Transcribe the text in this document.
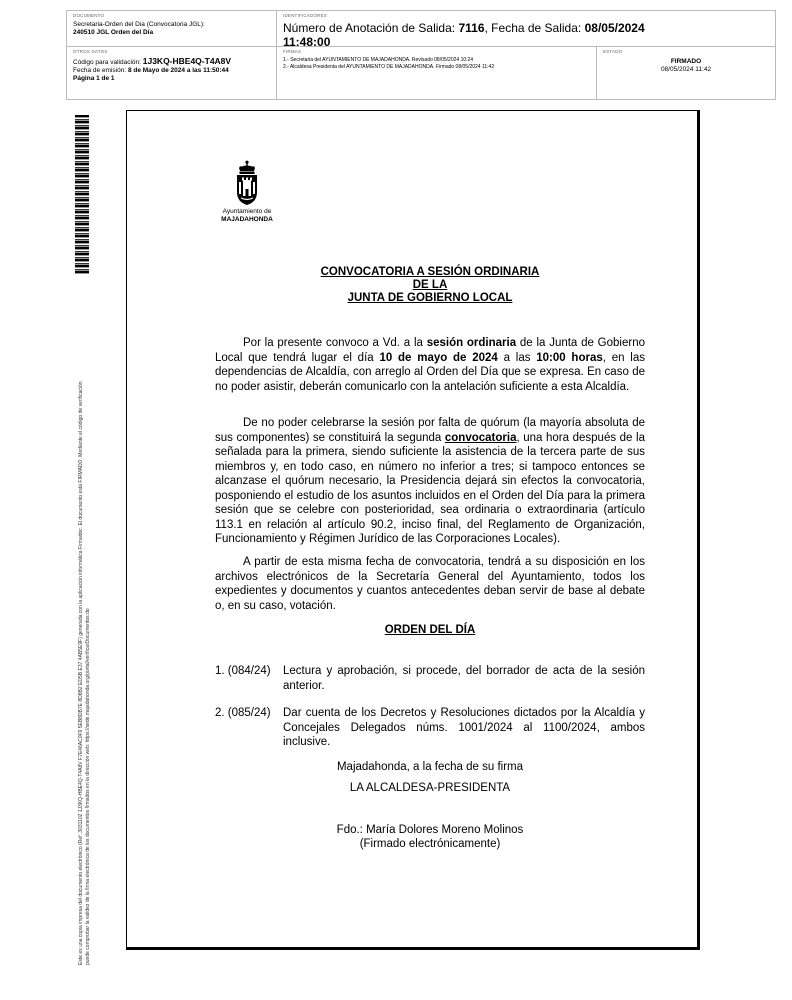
DOCUMENTO
Secretaria-Orden del Dia (Convocatoria JGL):
240510 JGL Orden del Día
IDENTIFICADORES
Número de Anotación de Salida: 7116, Fecha de Salida: 08/05/2024
11:48:00
OTROS DATOS
Código para validación: 1J3KQ-HBE4Q-T4A8V
Fecha de emisión: 8 de Mayo de 2024 a las 11:50:44
Página 1 de 1
FIRMAS
1.- Secretaria del AYUNTAMIENTO DE MAJADAHONDA. Revisado 08/05/2024 10:24
2.- Alcaldesa Presidenta del AYUNTAMIENTO DE MAJADAHONDA. Firmado 08/05/2024 11:42
ESTADO
FIRMADO
08/05/2024 11:42
Este es una copia impresa del documento electrónico (Ref: 3031102 1J3KQ-HBE4Q-T4A8V F7E46AC0F9 5EB8DB7E 8D8B2 ED5B E37 4AB5E9F) generada con la aplicación informática Firmadoc. El documento está FIRMADO. Mediante el código de verificación puede comprobar la validez de la firma electrónica de los documentos firmados en la dirección web: https://sede.majadahonda.org/portal/verificarDocumentos.do
Ayuntamiento de
MAJADAHONDA
CONVOCATORIA A SESIÓN ORDINARIA
DE LA
JUNTA DE GOBIERNO LOCAL
Por la presente convoco a Vd. a la sesión ordinaria de la Junta de Gobierno Local que tendrá lugar el día 10 de mayo de 2024 a las 10:00 horas, en las dependencias de Alcaldía, con arreglo al Orden del Día que se expresa. En caso de no poder asistir, deberán comunicarlo con la antelación suficiente a esta Alcaldía.
De no poder celebrarse la sesión por falta de quórum (la mayoría absoluta de sus componentes) se constituirá la segunda convocatoria, una hora después de la señalada para la primera, siendo suficiente la asistencia de la tercera parte de sus miembros y, en todo caso, en número no inferior a tres; si tampoco entonces se alcanzase el quórum necesario, la Presidencia dejará sin efectos la convocatoria, posponiendo el estudio de los asuntos incluidos en el Orden del Día para la primera sesión que se celebre con posterioridad, sea ordinaria o extraordinaria (artículo 113.1 en relación al artículo 90.2, inciso final, del Reglamento de Organización, Funcionamiento y Régimen Jurídico de las Corporaciones Locales).
A partir de esta misma fecha de convocatoria, tendrá a su disposición en los archivos electrónicos de la Secretaría General del Ayuntamiento, todos los expedientes y documentos y cuantos antecedentes deban servir de base al debate o, en su caso, votación.
ORDEN DEL DÍA
1. (084/24) Lectura y aprobación, si procede, del borrador de acta de la sesión anterior.
2. (085/24) Dar cuenta de los Decretos y Resoluciones dictados por la Alcaldía y Concejales Delegados núms. 1001/2024 al 1100/2024, ambos inclusive.
Majadahonda, a la fecha de su firma
LA ALCALDESA-PRESIDENTA
Fdo.: María Dolores Moreno Molinos
(Firmado electrónicamente)
